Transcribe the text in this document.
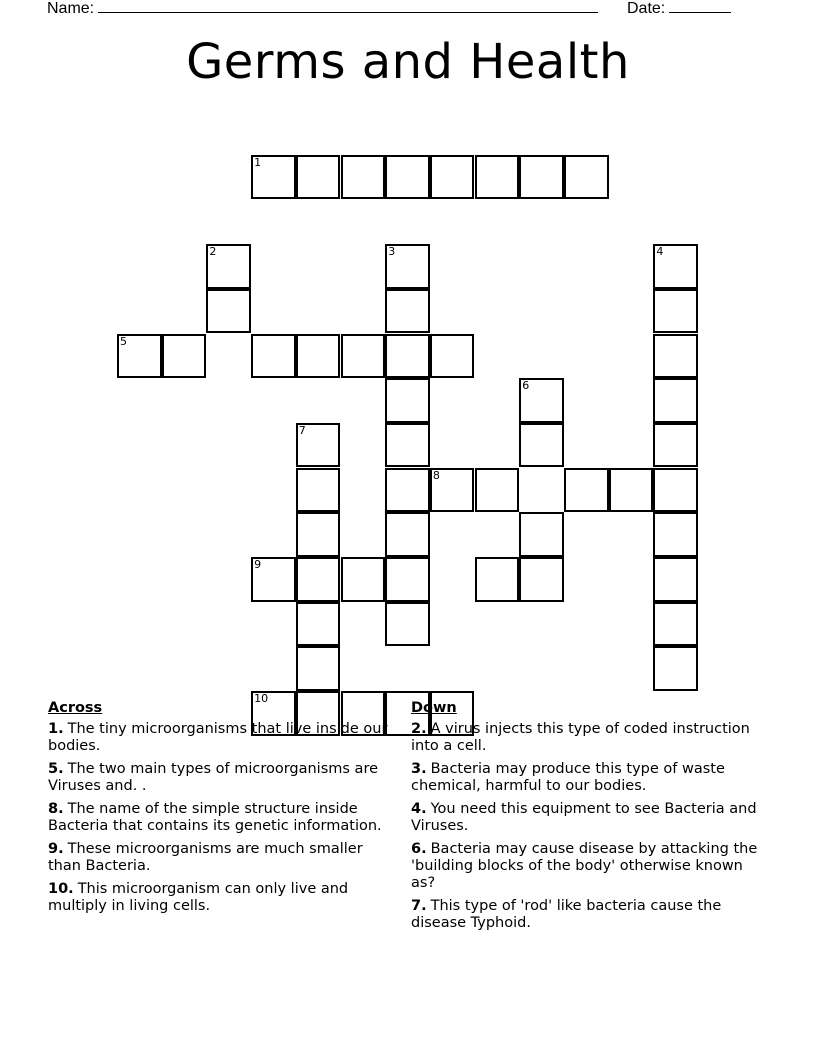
Name:	Date:
Germs and Health
1
2	3	4
5
6
7
8
9
10
Across
1. The tiny microorganisms that live inside our bodies.
5. The two main types of microorganisms are Viruses and. .
8. The name of the simple structure inside Bacteria that contains its genetic information.
9. These microorganisms are much smaller than Bacteria.
10. This microorganism can only live and multiply in living cells.
Down
2. A virus injects this type of coded instruction into a cell.
3. Bacteria may produce this type of waste chemical, harmful to our bodies.
4. You need this equipment to see Bacteria and Viruses.
6. Bacteria may cause disease by attacking the 'building blocks of the body' otherwise known as?
7. This type of 'rod' like bacteria cause the disease Typhoid.
